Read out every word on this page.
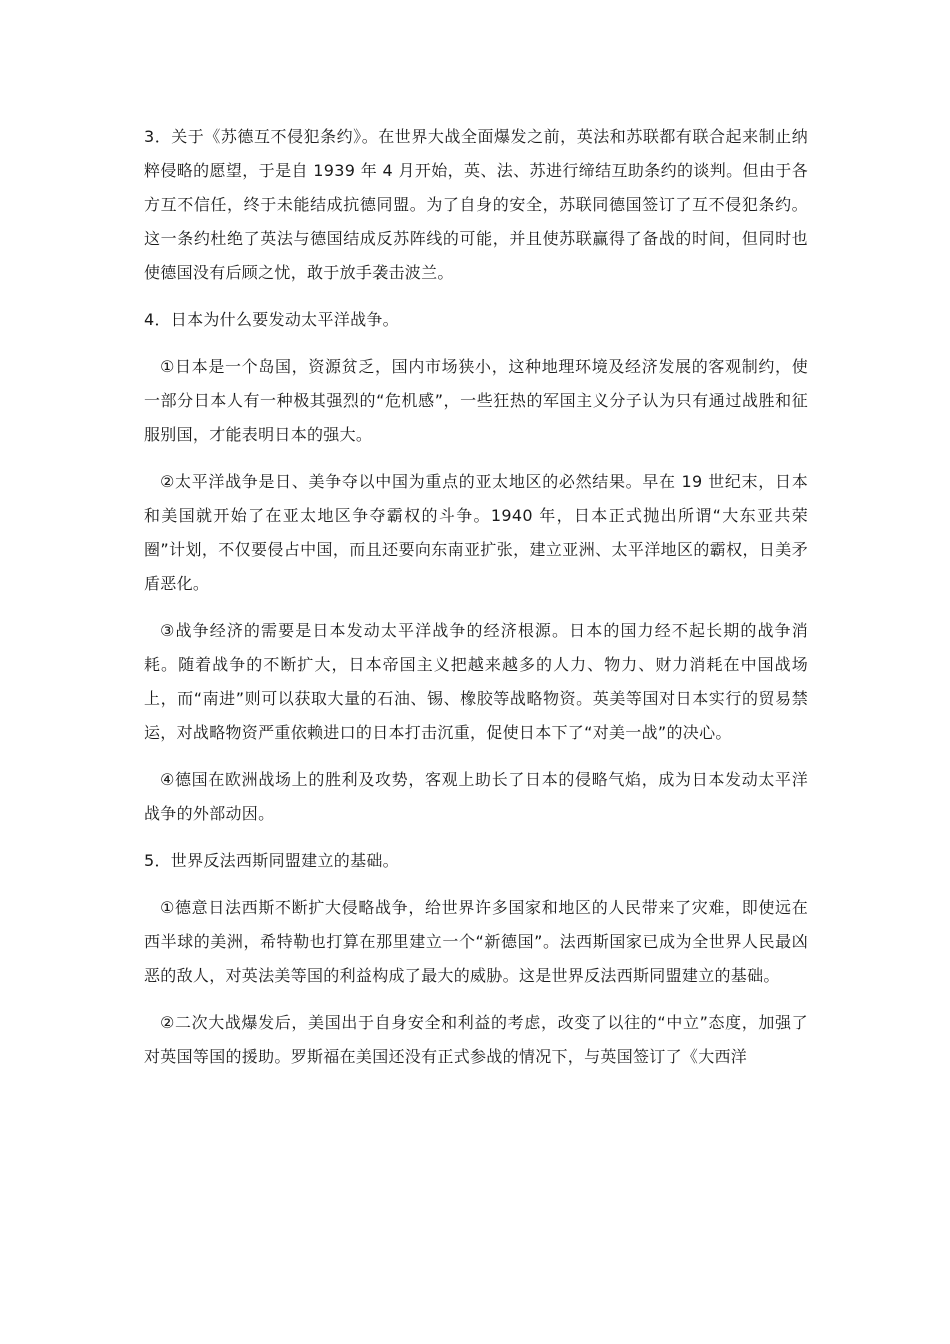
3．关于《苏德互不侵犯条约》。在世界大战全面爆发之前，英法和苏联都有联合起来制止纳粹侵略的愿望，于是自 1939 年 4 月开始，英、法、苏进行缔结互助条约的谈判。但由于各方互不信任，终于未能结成抗德同盟。为了自身的安全，苏联同德国签订了互不侵犯条约。这一条约杜绝了英法与德国结成反苏阵线的可能，并且使苏联赢得了备战的时间，但同时也使德国没有后顾之忧，敢于放手袭击波兰。

4．日本为什么要发动太平洋战争。

①日本是一个岛国，资源贫乏，国内市场狭小，这种地理环境及经济发展的客观制约，使一部分日本人有一种极其强烈的“危机感”，一些狂热的军国主义分子认为只有通过战胜和征服别国，才能表明日本的强大。

②太平洋战争是日、美争夺以中国为重点的亚太地区的必然结果。早在 19 世纪末，日本和美国就开始了在亚太地区争夺霸权的斗争。1940 年，日本正式抛出所谓“大东亚共荣圈”计划，不仅要侵占中国，而且还要向东南亚扩张，建立亚洲、太平洋地区的霸权，日美矛盾恶化。

③战争经济的需要是日本发动太平洋战争的经济根源。日本的国力经不起长期的战争消耗。随着战争的不断扩大，日本帝国主义把越来越多的人力、物力、财力消耗在中国战场上，而“南进”则可以获取大量的石油、锡、橡胶等战略物资。英美等国对日本实行的贸易禁运，对战略物资严重依赖进口的日本打击沉重，促使日本下了“对美一战”的决心。

④德国在欧洲战场上的胜利及攻势，客观上助长了日本的侵略气焰，成为日本发动太平洋战争的外部动因。

5．世界反法西斯同盟建立的基础。

①德意日法西斯不断扩大侵略战争，给世界许多国家和地区的人民带来了灾难，即使远在西半球的美洲，希特勒也打算在那里建立一个“新德国”。法西斯国家已成为全世界人民最凶恶的敌人，对英法美等国的利益构成了最大的威胁。这是世界反法西斯同盟建立的基础。

②二次大战爆发后，美国出于自身安全和利益的考虑，改变了以往的“中立”态度，加强了对英国等国的援助。罗斯福在美国还没有正式参战的情况下，与英国签订了《大西洋
